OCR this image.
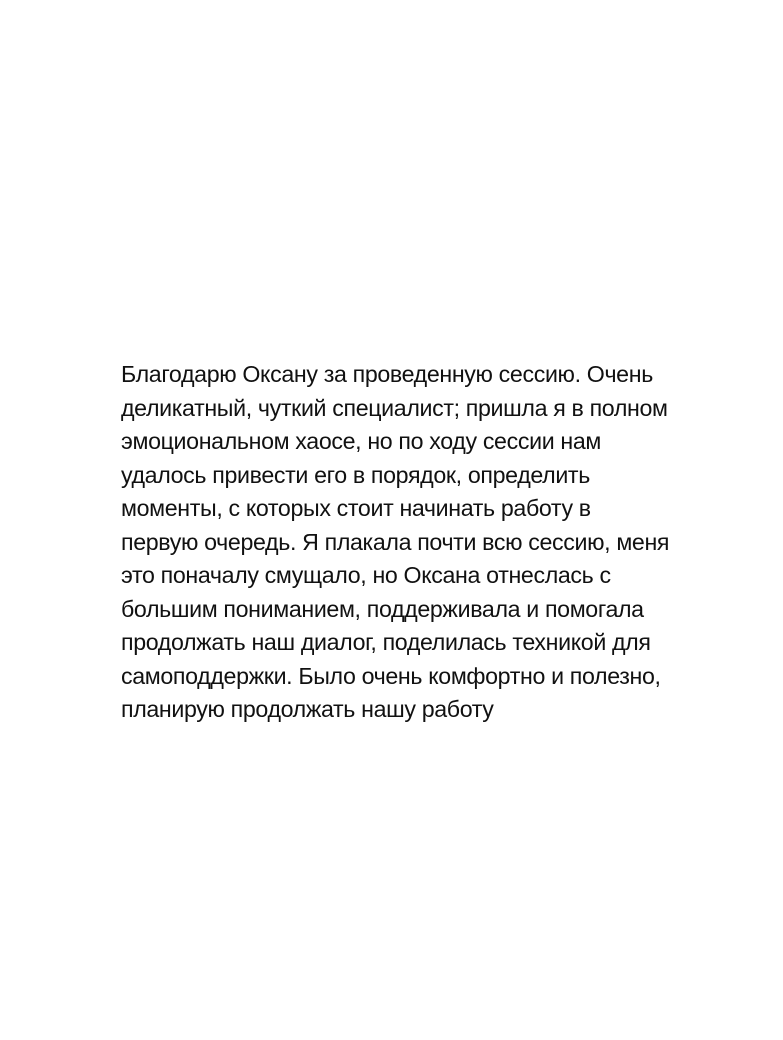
Благодарю Оксану за проведенную сессию. Очень
деликатный, чуткий специалист; пришла я в полном
эмоциональном хаосе, но по ходу сессии нам
удалось привести его в порядок, определить
моменты, с которых стоит начинать работу в
первую очередь. Я плакала почти всю сессию, меня
это поначалу смущало, но Оксана отнеслась с
большим пониманием, поддерживала и помогала
продолжать наш диалог, поделилась техникой для
самоподдержки. Было очень комфортно и полезно,
планирую продолжать нашу работу
